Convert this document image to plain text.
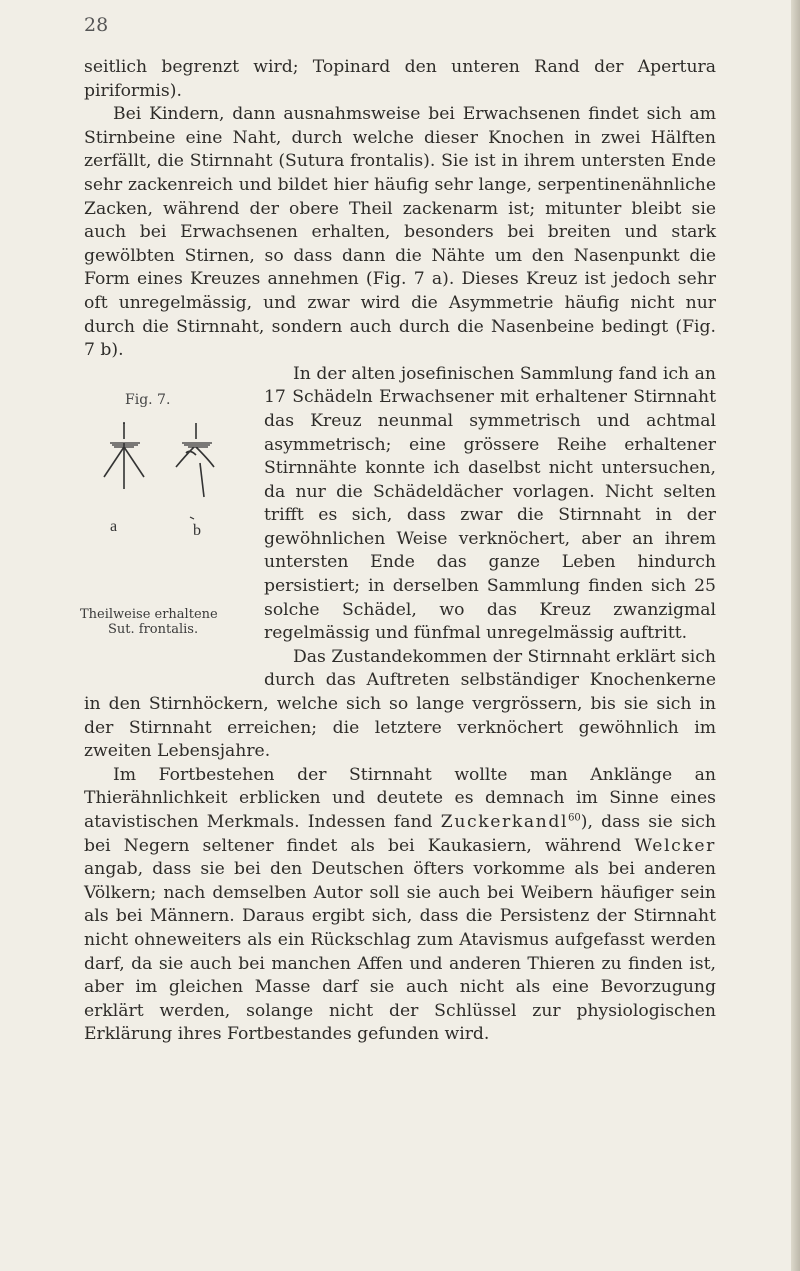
28

seitlich begrenzt wird; Topinard den unteren Rand der Apertura piriformis).

Bei Kindern, dann ausnahmsweise bei Erwachsenen findet sich am Stirnbeine eine Naht, durch welche dieser Knochen in zwei Hälften zerfällt, die Stirnnaht (Sutura frontalis). Sie ist in ihrem untersten Ende sehr zackenreich und bildet hier häufig sehr lange, serpentinenähnliche Zacken, während der obere Theil zackenarm ist; mitunter bleibt sie auch bei Erwachsenen erhalten, besonders bei breiten und stark gewölbten Stirnen, so dass dann die Nähte um den Nasenpunkt die Form eines Kreuzes annehmen (Fig. 7 a). Dieses Kreuz ist jedoch sehr oft unregelmässig, und zwar wird die Asymmetrie häufig nicht nur durch die Stirnnaht, sondern auch durch die Nasenbeine bedingt (Fig. 7 b).

Fig. 7.
a	b
Theilweise erhaltene
Sut. frontalis.

In der alten josefinischen Sammlung fand ich an 17 Schädeln Erwachsener mit erhaltener Stirnnaht das Kreuz neunmal symmetrisch und achtmal asymmetrisch; eine grössere Reihe erhaltener Stirnnähte konnte ich daselbst nicht untersuchen, da nur die Schädeldächer vorlagen. Nicht selten trifft es sich, dass zwar die Stirnnaht in der gewöhnlichen Weise verknöchert, aber an ihrem untersten Ende das ganze Leben hindurch persistiert; in derselben Sammlung finden sich 25 solche Schädel, wo das Kreuz zwanzigmal regelmässig und fünfmal unregelmässig auftritt.

Das Zustandekommen der Stirnnaht erklärt sich durch das Auftreten selbständiger Knochenkerne in den Stirnhöckern, welche sich so lange vergrössern, bis sie sich in der Stirnnaht erreichen; die letztere verknöchert gewöhnlich im zweiten Lebensjahre.

Im Fortbestehen der Stirnnaht wollte man Anklänge an Thierähnlichkeit erblicken und deutete es demnach im Sinne eines atavistischen Merkmals. Indessen fand Zuckerkandl$^{60}$), dass sie sich bei Negern seltener findet als bei Kaukasiern, während Welcker angab, dass sie bei den Deutschen öfters vorkomme als bei anderen Völkern; nach demselben Autor soll sie auch bei Weibern häufiger sein als bei Männern. Daraus ergibt sich, dass die Persistenz der Stirnnaht nicht ohneweiters als ein Rückschlag zum Atavismus aufgefasst werden darf, da sie auch bei manchen Affen und anderen Thieren zu finden ist, aber im gleichen Masse darf sie auch nicht als eine Bevorzugung erklärt werden, solange nicht der Schlüssel zur physiologischen Erklärung ihres Fortbestandes gefunden wird.
